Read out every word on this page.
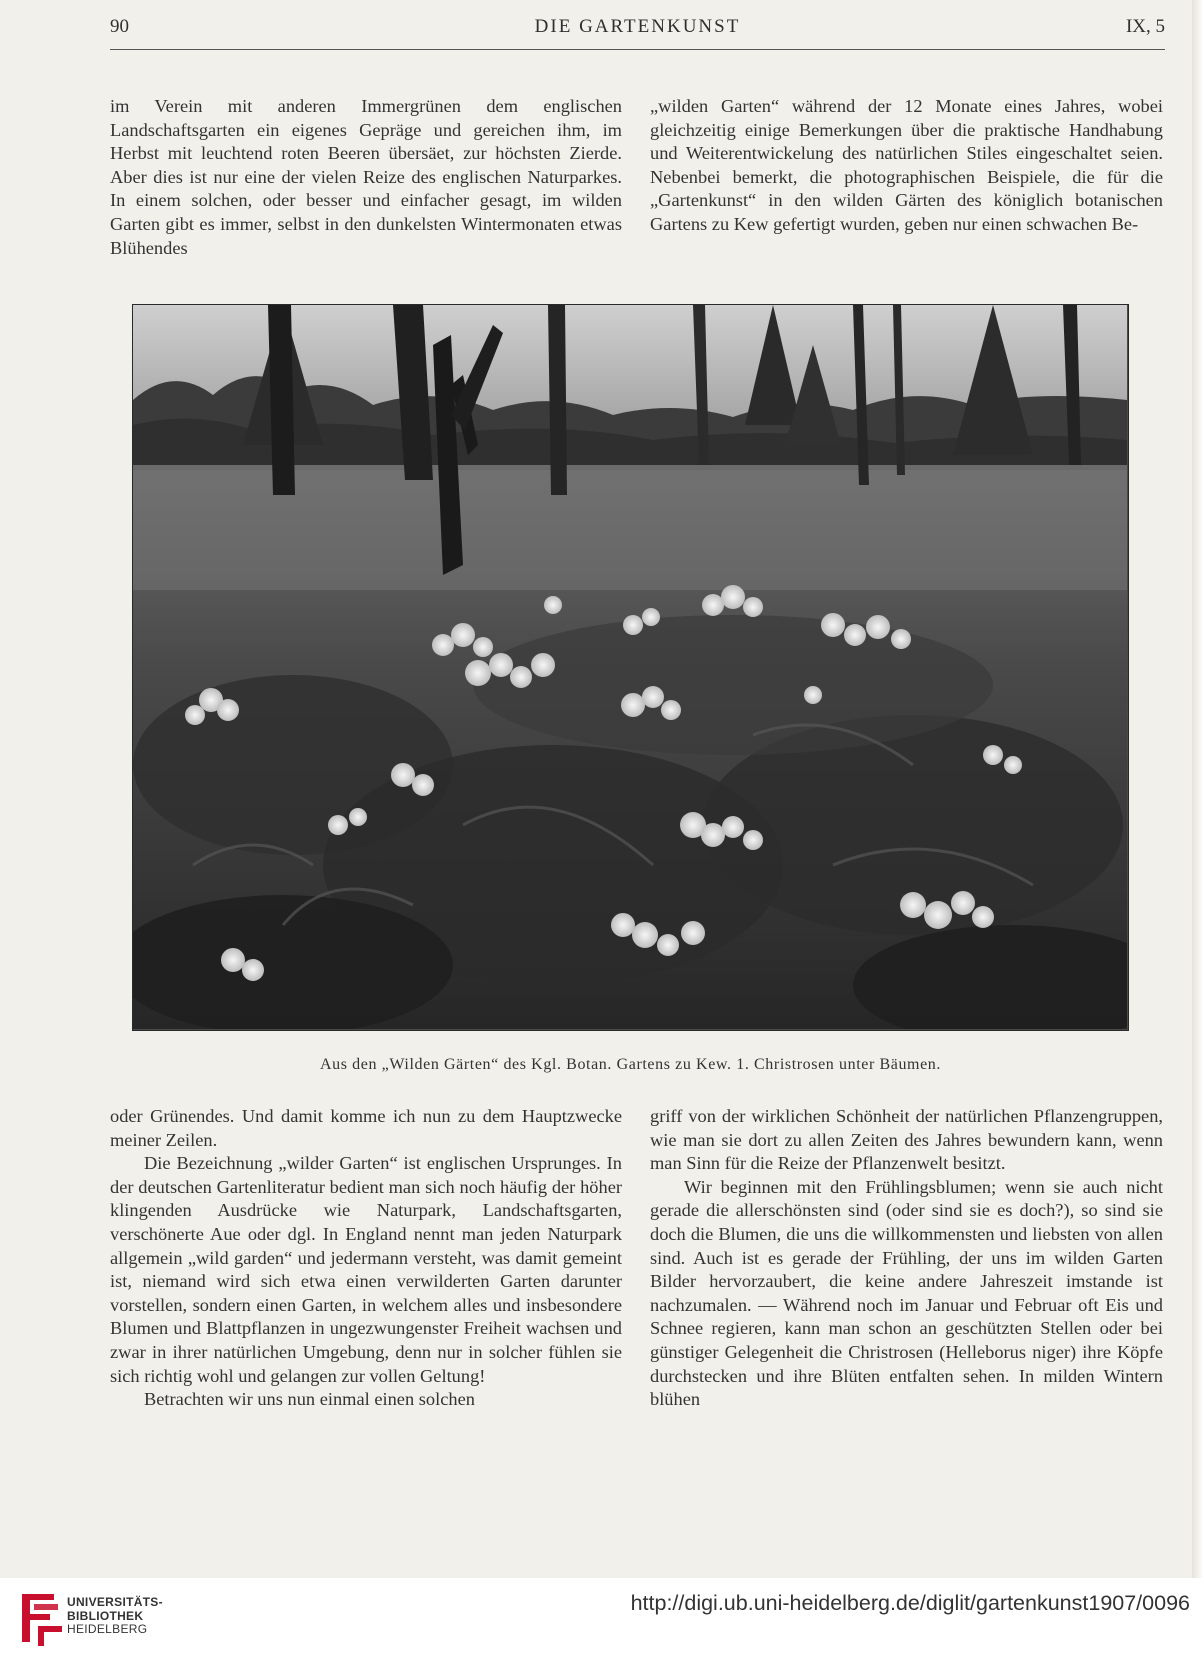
90	DIE GARTENKUNST	IX, 5

im Verein mit anderen Immergrünen dem englischen Landschaftsgarten ein eigenes Gepräge und gereichen ihm, im Herbst mit leuchtend roten Beeren übersäet, zur höchsten Zierde. Aber dies ist nur eine der vielen Reize des englischen Naturparkes. In einem solchen, oder besser und einfacher gesagt, im wilden Garten gibt es immer, selbst in den dunkelsten Wintermonaten etwas Blühendes

„wilden Garten“ während der 12 Monate eines Jahres, wobei gleichzeitig einige Bemerkungen über die praktische Handhabung und Weiterentwickelung des natürlichen Stiles eingeschaltet seien. Nebenbei bemerkt, die photographischen Beispiele, die für die „Gartenkunst“ in den wilden Gärten des königlich botanischen Gartens zu Kew gefertigt wurden, geben nur einen schwachen Be-

Aus den „Wilden Gärten“ des Kgl. Botan. Gartens zu Kew. 1. Christrosen unter Bäumen.

oder Grünendes. Und damit komme ich nun zu dem Hauptzwecke meiner Zeilen.

Die Bezeichnung „wilder Garten“ ist englischen Ursprunges. In der deutschen Gartenliteratur bedient man sich noch häufig der höher klingenden Ausdrücke wie Naturpark, Landschaftsgarten, verschönerte Aue oder dgl. In England nennt man jeden Naturpark allgemein „wild garden“ und jedermann versteht, was damit gemeint ist, niemand wird sich etwa einen verwilderten Garten darunter vorstellen, sondern einen Garten, in welchem alles und insbesondere Blumen und Blattpflanzen in ungezwungenster Freiheit wachsen und zwar in ihrer natürlichen Umgebung, denn nur in solcher fühlen sie sich richtig wohl und gelangen zur vollen Geltung!

Betrachten wir uns nun einmal einen solchen

griff von der wirklichen Schönheit der natürlichen Pflanzengruppen, wie man sie dort zu allen Zeiten des Jahres bewundern kann, wenn man Sinn für die Reize der Pflanzenwelt besitzt.

Wir beginnen mit den Frühlingsblumen; wenn sie auch nicht gerade die allerschönsten sind (oder sind sie es doch?), so sind sie doch die Blumen, die uns die willkommensten und liebsten von allen sind. Auch ist es gerade der Frühling, der uns im wilden Garten Bilder hervorzaubert, die keine andere Jahreszeit imstande ist nachzumalen. — Während noch im Januar und Februar oft Eis und Schnee regieren, kann man schon an geschützten Stellen oder bei günstiger Gelegenheit die Christrosen (Helleborus niger) ihre Köpfe durchstecken und ihre Blüten entfalten sehen. In milden Wintern blühen

UNIVERSITÄTS-
BIBLIOTHEK
HEIDELBERG
http://digi.ub.uni-heidelberg.de/diglit/gartenkunst1907/0096
